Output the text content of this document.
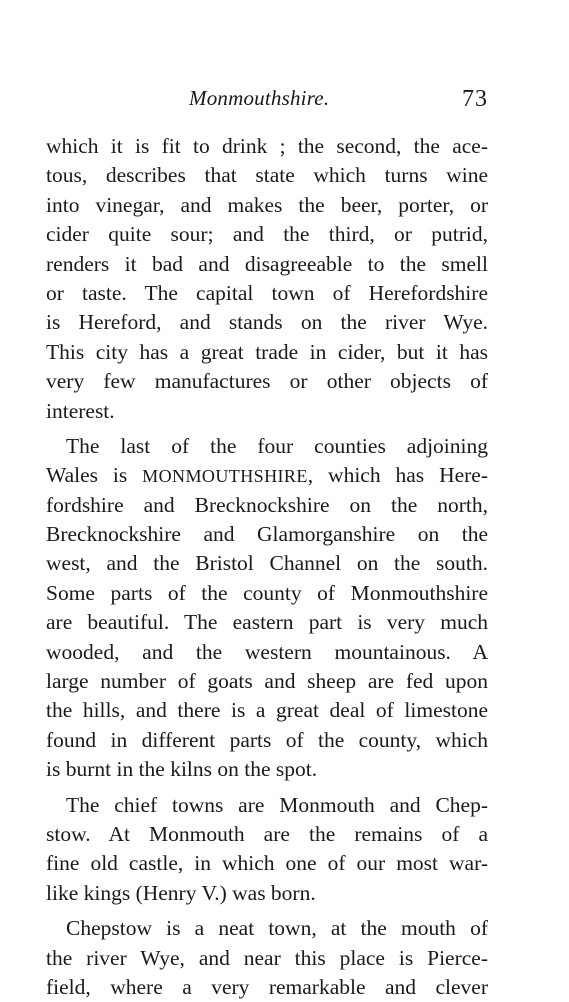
Monmouthshire.	73
which it is fit to drink ; the second, the ace-
tous, describes that state which turns wine
into vinegar, and makes the beer, porter, or
cider quite sour; and the third, or putrid,
renders it bad and disagreeable to the smell
or taste. The capital town of Herefordshire
is Hereford, and stands on the river Wye.
This city has a great trade in cider, but it has
very few manufactures or other objects of
interest.
The last of the four counties adjoining
Wales is MONMOUTHSHIRE, which has Here-
fordshire and Brecknockshire on the north,
Brecknockshire and Glamorganshire on the
west, and the Bristol Channel on the south.
Some parts of the county of Monmouthshire
are beautiful. The eastern part is very much
wooded, and the western mountainous. A
large number of goats and sheep are fed upon
the hills, and there is a great deal of limestone
found in different parts of the county, which
is burnt in the kilns on the spot.
The chief towns are Monmouth and Chep-
stow. At Monmouth are the remains of a
fine old castle, in which one of our most war-
like kings (Henry V.) was born.
Chepstow is a neat town, at the mouth of
the river Wye, and near this place is Pierce-
field, where a very remarkable and clever
